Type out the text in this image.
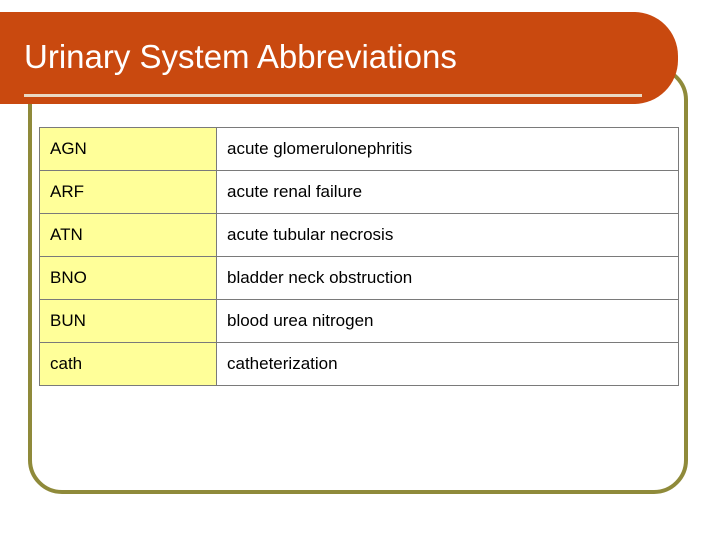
Urinary System Abbreviations
AGN	acute glomerulonephritis
ARF	acute renal failure
ATN	acute tubular necrosis
BNO	bladder neck obstruction
BUN	blood urea nitrogen
cath	catheterization
